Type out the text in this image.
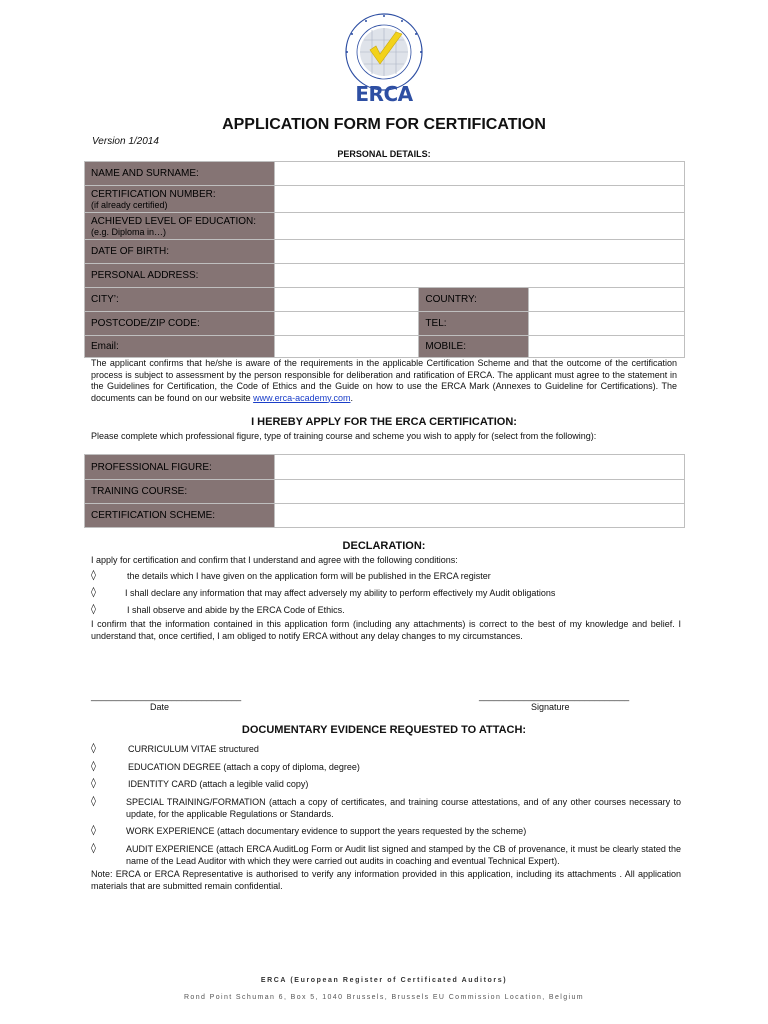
ERCA
APPLICATION FORM FOR CERTIFICATION
Version 1/2014
PERSONAL DETAILS:
NAME AND SURNAME:			
CERTIFICATION NUMBER:
(if already certified)			

ACHIEVED LEVEL OF EDUCATION:
(e.g. Diploma in…)			

DATE OF BIRTH:			
PERSONAL ADDRESS:			
CITY’:		COUNTRY:	
POSTCODE/ZIP CODE:		TEL:	
Email:		MOBILE:	
The applicant confirms that he/she is aware of the requirements in the applicable Certification Scheme and that the outcome of the certification process is subject to assessment by the person responsible for deliberation and ratification of ERCA. The applicant must agree to the statement in the Guidelines for Certification, the Code of Ethics and the Guide on how to use the ERCA Mark (Annexes to Guideline for Certifications). The documents can be found on our website www.erca-academy.com.
I HEREBY APPLY FOR THE ERCA CERTIFICATION:
Please complete which professional figure, type of training course and scheme you wish to apply for (select from the following):
PROFESSIONAL FIGURE:	
TRAINING COURSE:	
CERTIFICATION SCHEME:	
DECLARATION:
I apply for certification and confirm that I understand and agree with the following conditions:
◊	the details which I have given on the application form will be published in the ERCA register
◊	I shall declare any information that may affect adversely my ability to perform effectively my Audit obligations
◊	I shall observe and abide by the ERCA Code of Ethics.
I confirm that the information contained in this application form (including any attachments) is correct to the best of my knowledge and belief. I understand that, once certified, I am obliged to notify ERCA without any delay changes to my circumstances.
______________________________
Date
______________________________
Signature
DOCUMENTARY EVIDENCE REQUESTED TO ATTACH:
◊	CURRICULUM VITAE structured
◊	EDUCATION DEGREE (attach a copy of diploma, degree)
◊	IDENTITY CARD (attach a legible valid copy)
◊	SPECIAL TRAINING/FORMATION (attach a copy of certificates, and training course attestations, and of any other courses necessary to update, for the applicable Regulations or Standards.
◊	WORK EXPERIENCE (attach documentary evidence to support the years requested by the scheme)
◊	AUDIT EXPERIENCE (attach ERCA AuditLog Form or Audit list signed and stamped by the CB of provenance, it must be clearly stated the name of the Lead Auditor with which they were carried out audits in coaching and eventual Technical Expert).
Note: ERCA or ERCA Representative is authorised to verify any information provided in this application, including its attachments . All application materials that are submitted remain confidential.
ERCA (European Register of Certificated Auditors)
Rond Point Schuman 6, Box 5, 1040 Brussels, Brussels EU Commission Location, Belgium
